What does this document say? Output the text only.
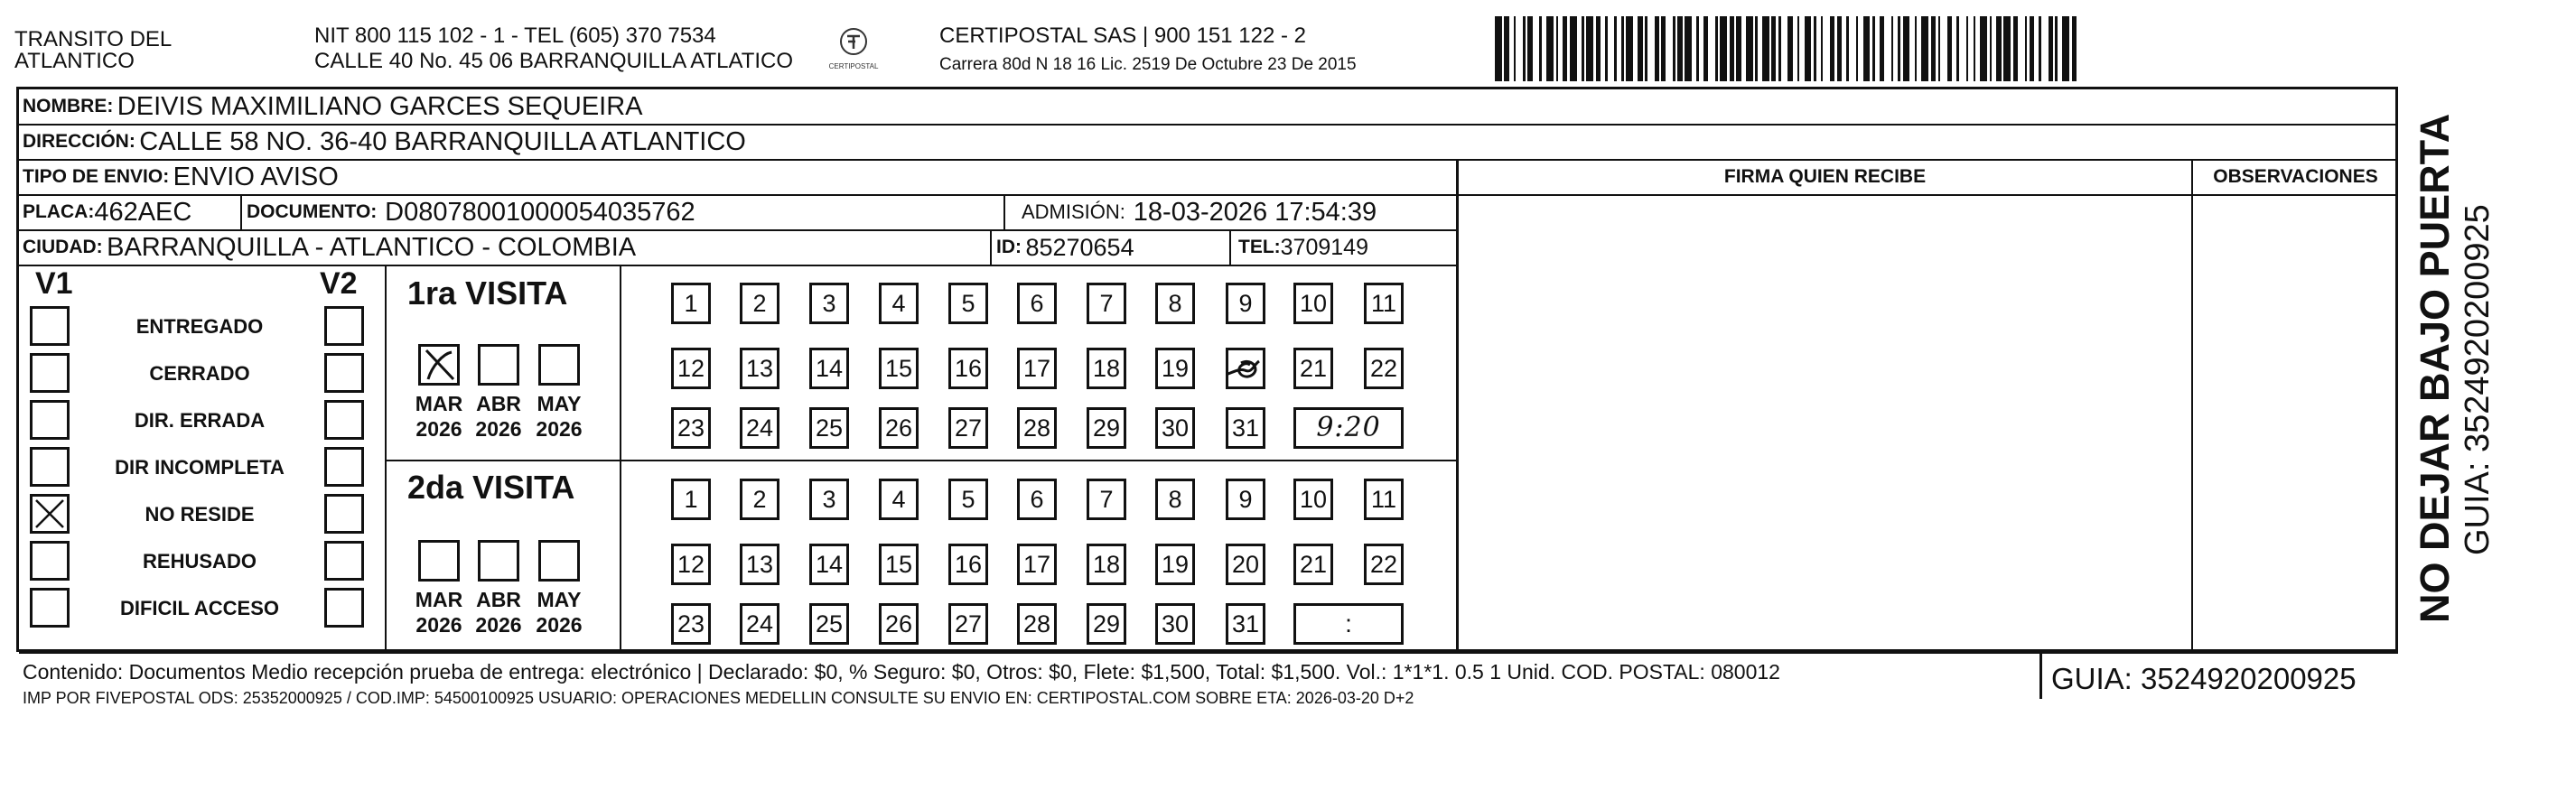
TRANSITO DEL
ATLANTICO
NIT 800 115 102 - 1 - TEL (605) 370 7534
CALLE 40 No. 45 06 BARRANQUILLA ATLATICO	CERTIPOSTAL
CERTIPOSTAL SAS | 900 151 122 - 2
Carrera 80d N 18 16 Lic. 2519 De Octubre 23 De 2015
NOMBRE:
DEIVIS MAXIMILIANO GARCES SEQUEIRA
DIRECCIÓN:
CALLE 58 NO. 36-40 BARRANQUILLA ATLANTICO
TIPO DE ENVIO:
ENVIO AVISO	FIRMA QUIEN RECIBE	OBSERVACIONES
PLACA: 462AEC	DOCUMENTO:
D08078001000054035762	ADMISIÓN:
18-03-2026 17:54:39
CIUDAD:
BARRANQUILLA - ATLANTICO - COLOMBIA	ID:
85270654	TEL: 3709149
V1	V2
ENTREGADO
CERRADO
DIR. ERRADA
DIR INCOMPLETA
NO RESIDE
REHUSADO
DIFICIL ACCESO
1ra VISITA
2da VISITA
1	2	3	4	5	6	7	8	9	10 11
12 13 14 15 16 17 18 19	21 22
23 24 25 26 27 28 29 30 31	9:20
MAR
2026
ABR
2026
MAY
2026
1	2	3	4	5	6	7	8	9	10 11
12 13 14 15 16 17 18 19 20 21 22
23 24 25 26 27 28 29 30 31	:
MAR
2026
ABR
2026
MAY
2026
Contenido: Documentos Medio recepción prueba de entrega: electrónico | Declarado: $0, % Seguro: $0, Otros: $0, Flete: $1,500, Total: $1,500. Vol.: 1*1*1. 0.5 1 Unid. COD. POSTAL: 080012
IMP POR FIVEPOSTAL ODS: 25352000925 / COD.IMP: 54500100925 USUARIO: OPERACIONES MEDELLIN CONSULTE SU ENVIO EN: CERTIPOSTAL.COM SOBRE ETA: 2026-03-20 D+2
GUIA: 3524920200925
NO DEJAR BAJO PUERTA GUIA: 3524920200925
